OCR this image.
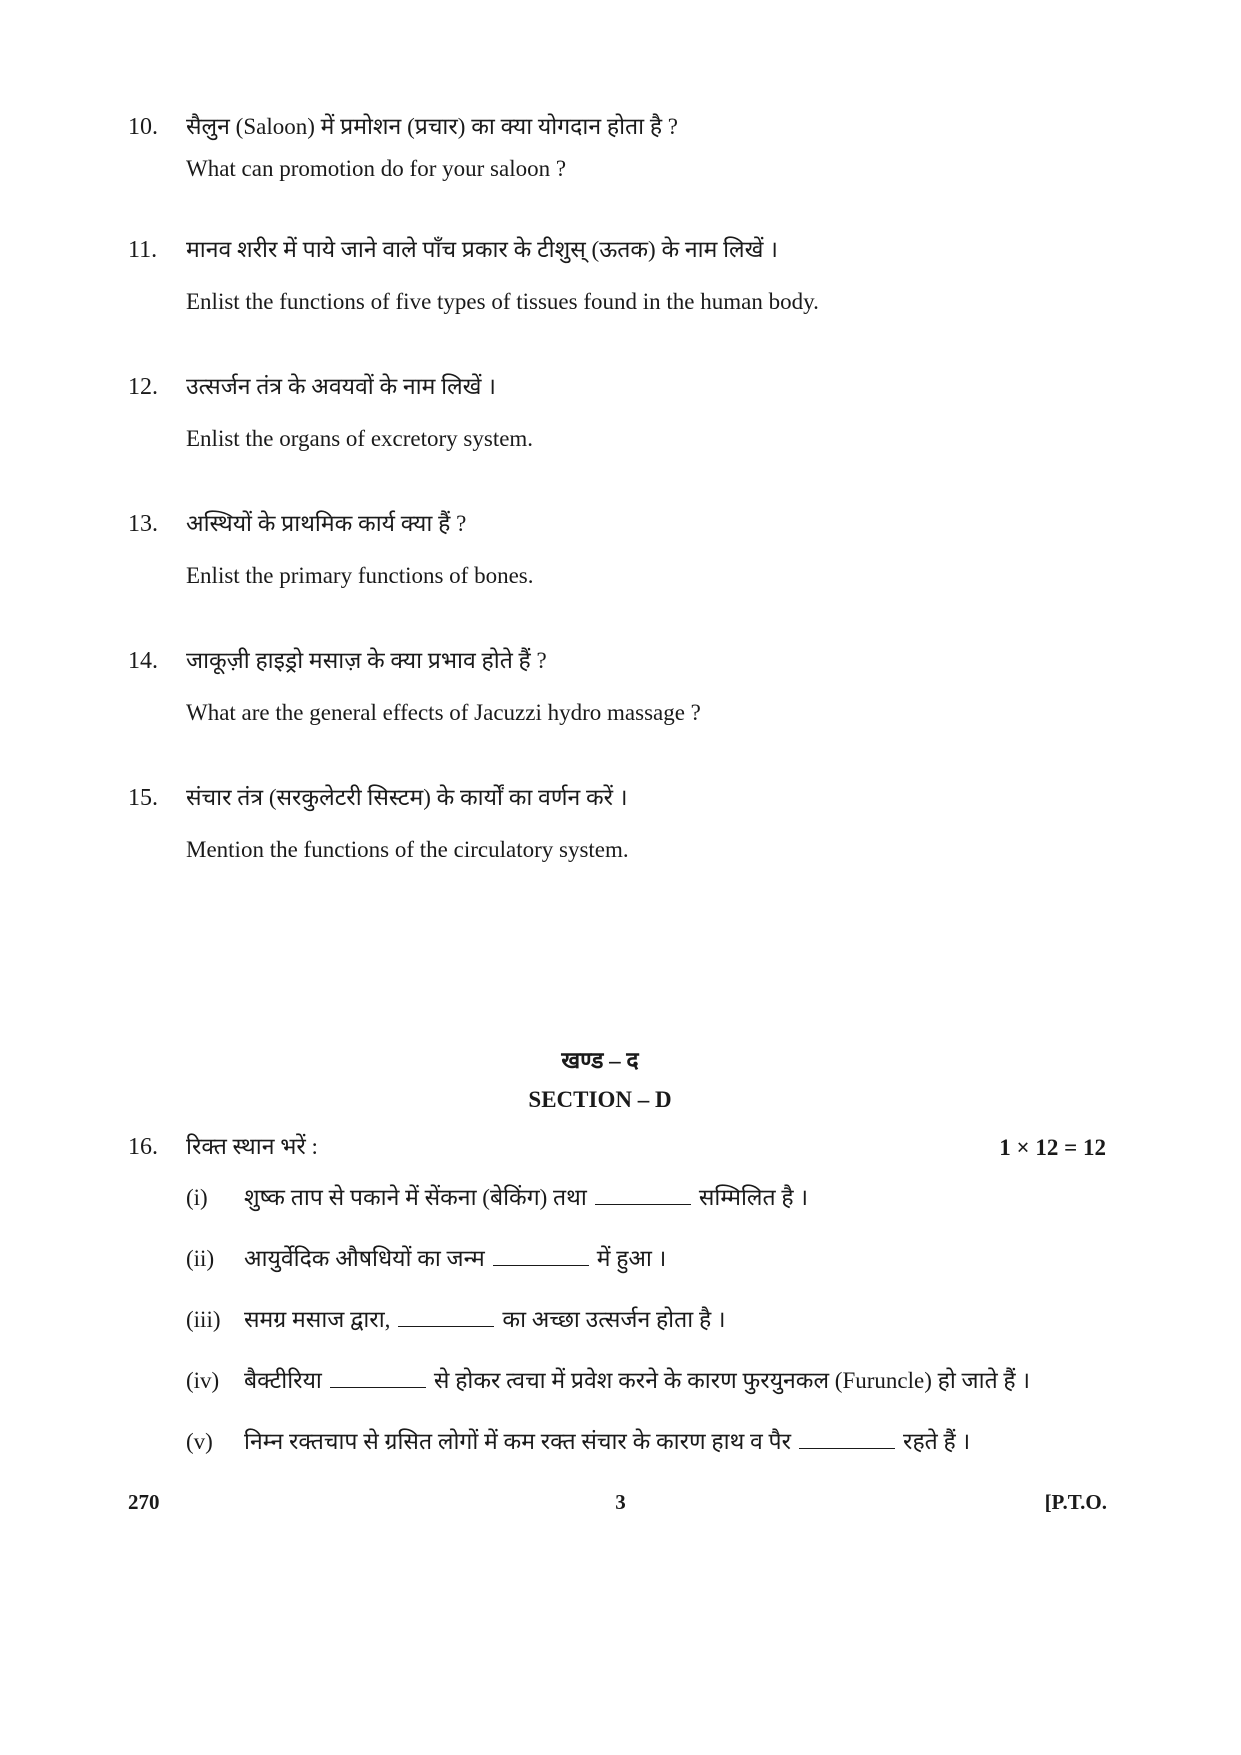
10. सैलुन (Saloon) में प्रमोशन (प्रचार) का क्या योगदान होता है ?
What can promotion do for your saloon ?
11. मानव शरीर में पाये जाने वाले पाँच प्रकार के टीशुस् (ऊतक) के नाम लिखें ।
Enlist the functions of five types of tissues found in the human body.
12. उत्सर्जन तंत्र के अवयवों के नाम लिखें ।
Enlist the organs of excretory system.
13. अस्थियों के प्राथमिक कार्य क्या हैं ?
Enlist the primary functions of bones.
14. जाकूज़ी हाइड्रो मसाज़ के क्या प्रभाव होते हैं ?
What are the general effects of Jacuzzi hydro massage ?
15. संचार तंत्र (सरकुलेटरी सिस्टम) के कार्यों का वर्णन करें ।
Mention the functions of the circulatory system.
खण्ड – द
SECTION – D
16. रिक्त स्थान भरें :	1 × 12 = 12
(i) शुष्क ताप से पकाने में सेंकना (बेकिंग) तथा	सम्मिलित है ।
(ii) आयुर्वेदिक औषधियों का जन्म	में हुआ ।
(iii) समग्र मसाज द्वारा,	का अच्छा उत्सर्जन होता है ।
(iv) बैक्टीरिया	से होकर त्वचा में प्रवेश करने के कारण फुरयुनकल (Furuncle) हो जाते हैं ।
(v) निम्न रक्तचाप से ग्रसित लोगों में कम रक्त संचार के कारण हाथ व पैर	रहते हैं ।
270	3	[P.T.O.
